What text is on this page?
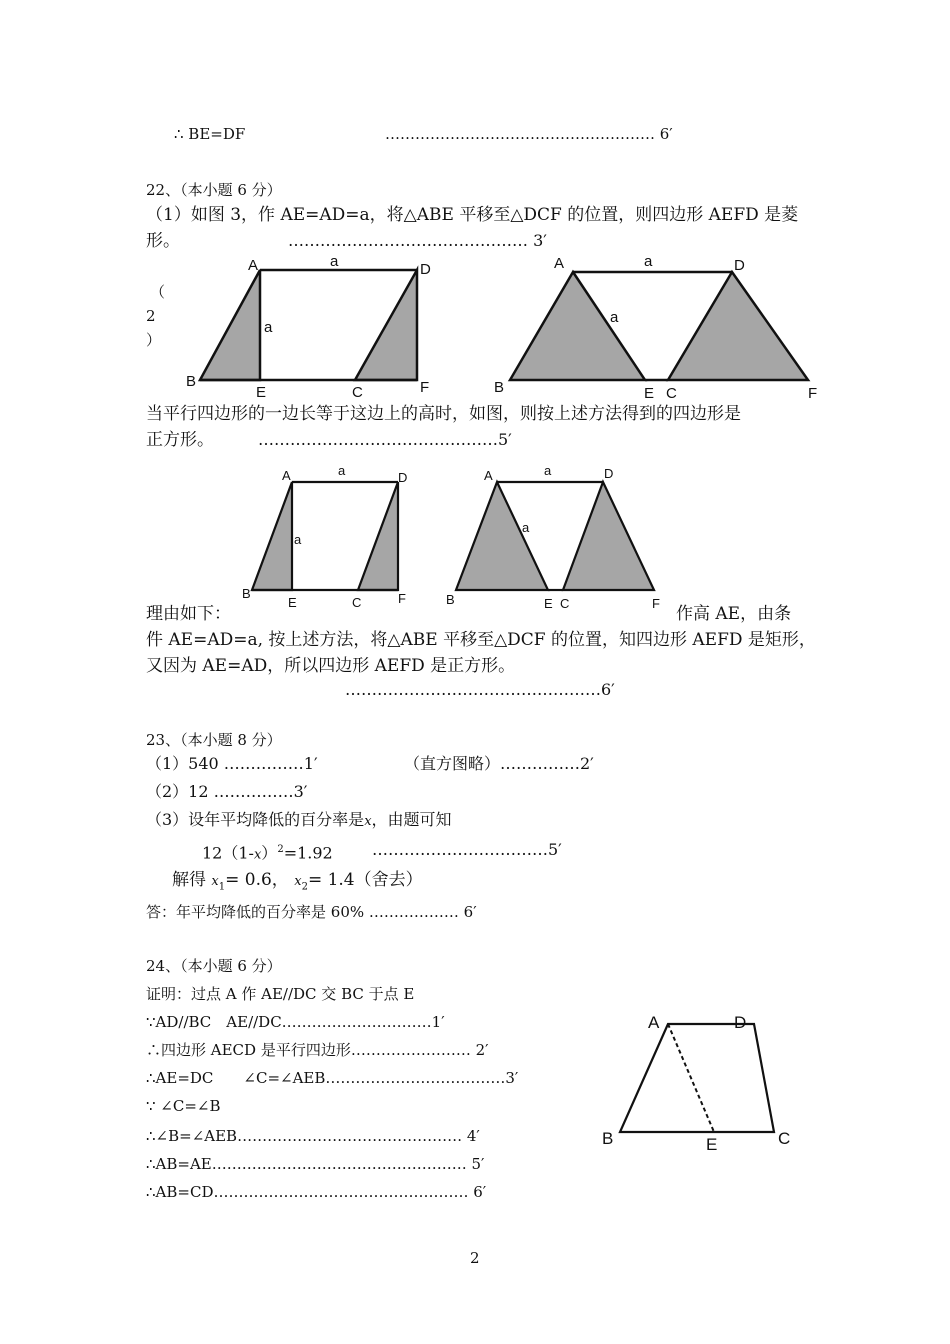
∴ BE=DF	……………………………………………… 6′
22、（本小题 6 分）
（1）如图 3，作 AE=AD=a，将△ABE 平移至△DCF 的位置，则四边形 AEFD 是菱
形。	……………………………………… 3′
（
2
）
A	a	D
a
B
E	C	F
A	a	D
a
B	E C	F
当平行四边形的一边长等于这边上的高时，如图，则按上述方法得到的四边形是
正方形。	………………………………………5′
A	a	D
a
B
E	C	F
A	a	D
a
B	E C	F
理由如下：	作高 AE，由条
件 AE=AD=a, 按上述方法，将△ABE 平移至△DCF 的位置，知四边形 AEFD 是矩形，
又因为 AE=AD，所以四边形 AEFD 是正方形。
…………………………………………6′
23、（本小题 8 分）
（1）540 ……………1′	（直方图略）……………2′
（2）12 ……………3′
（3）设年平均降低的百分率是x，由题可知
$12(1-x)^2=1.92$ ……………………………5′
解得 $x_1= 0.6$， $x_2= 1.4$（舍去）
答：年平均降低的百分率是 60% ……………… 6′
24、（本小题 6 分）
证明：过点 A 作 AE//DC 交 BC 于点 E
∵AD//BC　AE//DC…………………………1′
∴四边形 AECD 是平行四边形…………………… 2′
∴AE=DC　　∠C=∠AEB………………………………3′
∵ ∠C=∠B
∴∠B=∠AEB……………………………………… 4′
∴AB=AE…………………………………………… 5′
∴AB=CD…………………………………………… 6′
A	D
B	E	C
2
